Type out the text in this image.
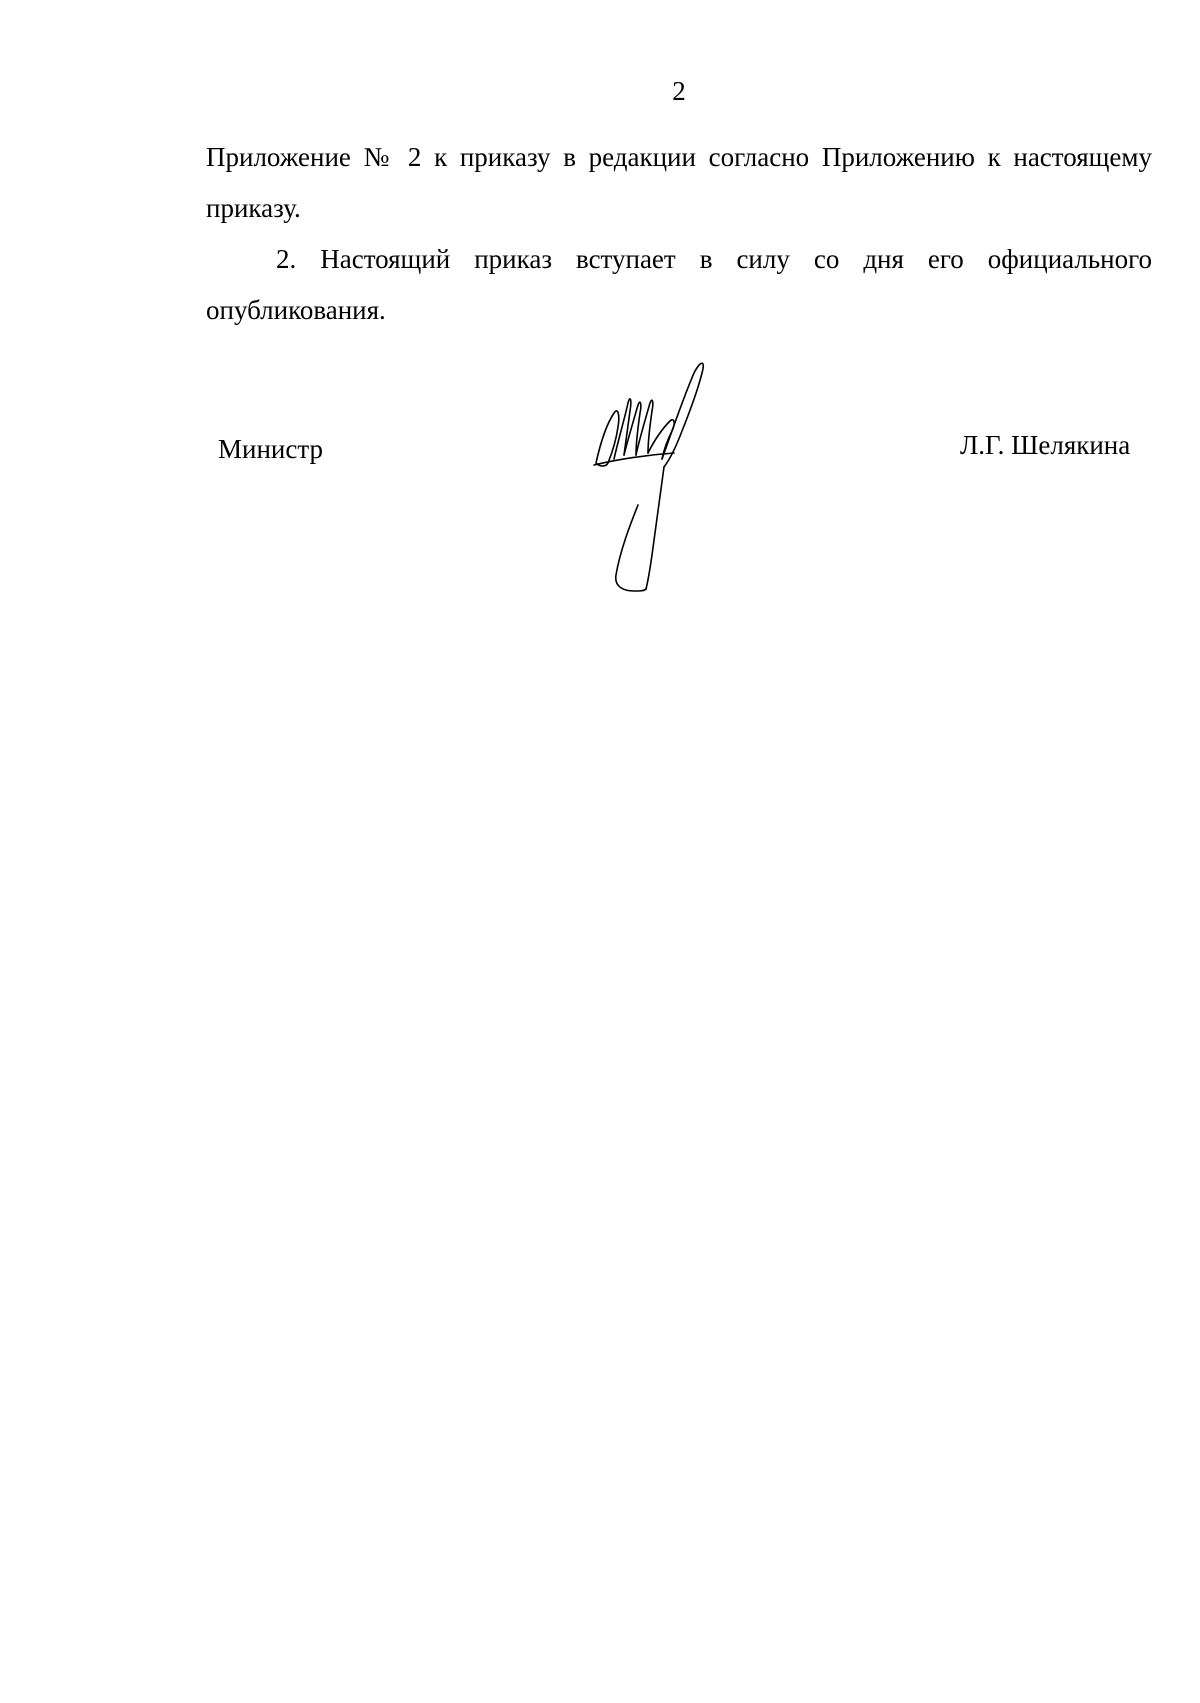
2

Приложение № 2 к приказу в редакции согласно Приложению к настоящему приказу.

2. Настоящий приказ вступает в силу со дня его официального опубликования.

Министр	Л.Г. Шелякина
